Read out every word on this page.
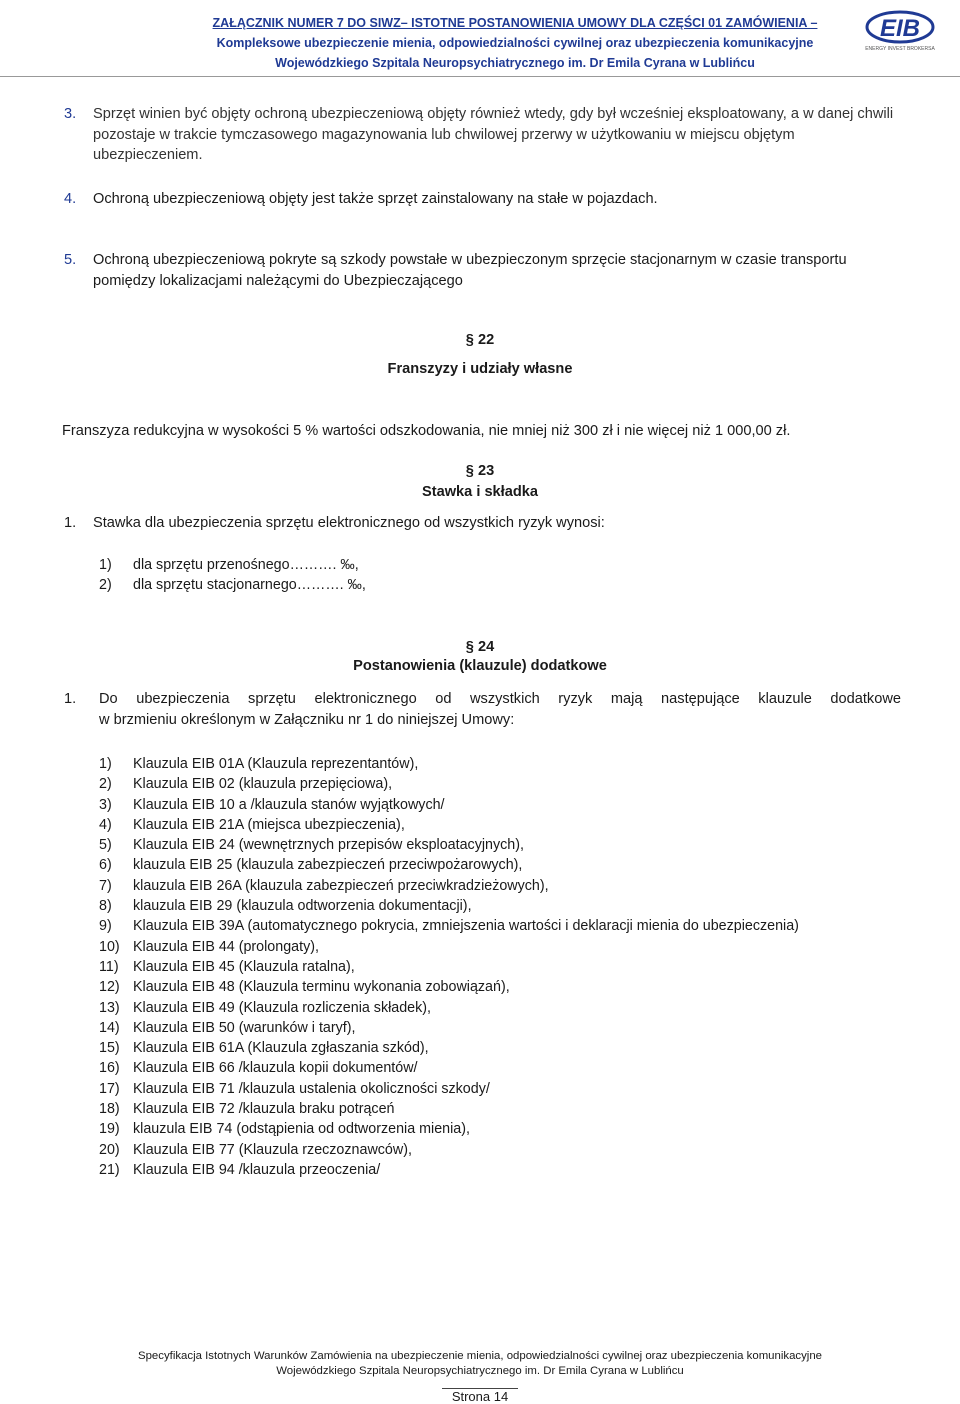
ZAŁĄCZNIK NUMER 7 DO SIWZ– ISTOTNE POSTANOWIENIA UMOWY DLA CZĘŚCI 01 ZAMÓWIENIA –
Kompleksowe ubezpieczenie mienia, odpowiedzialności cywilnej oraz ubezpieczenia komunikacyjne
Wojewódzkiego Szpitala Neuropsychiatrycznego im. Dr Emila Cyrana w Lublińcu
EIB
ENERGY INVEST BROKERSA
3. Sprzęt winien być objęty ochroną ubezpieczeniową objęty również wtedy, gdy był wcześniej eksploatowany, a w danej chwili pozostaje w trakcie tymczasowego magazynowania lub chwilowej przerwy w użytkowaniu w miejscu objętym ubezpieczeniem.
4. Ochroną ubezpieczeniową objęty jest także sprzęt zainstalowany na stałe w pojazdach.
5. Ochroną ubezpieczeniową pokryte są szkody powstałe w ubezpieczonym sprzęcie stacjonarnym w czasie transportu pomiędzy lokalizacjami należącymi do Ubezpieczającego
§ 22
Franszyzy i udziały własne
Franszyza redukcyjna w wysokości 5 % wartości odszkodowania, nie mniej niż 300 zł i nie więcej niż 1 000,00 zł.
§ 23
Stawka i składka
1. Stawka dla ubezpieczenia sprzętu elektronicznego od wszystkich ryzyk wynosi:
1)	dla sprzętu przenośnego………. ‰,
2)	dla sprzętu stacjonarnego………. ‰,
§ 24
Postanowienia (klauzule) dodatkowe
1. Do ubezpieczenia sprzętu elektronicznego od wszystkich ryzyk mają następujące klauzule dodatkowe
w brzmieniu określonym w Załączniku nr 1 do niniejszej Umowy:
1)	Klauzula EIB 01A (Klauzula reprezentantów),
2)	Klauzula EIB 02 (klauzula przepięciowa),
3)	Klauzula EIB 10 a /klauzula stanów wyjątkowych/
4)	Klauzula EIB 21A (miejsca ubezpieczenia),
5)	Klauzula EIB 24 (wewnętrznych przepisów eksploatacyjnych),
6)	klauzula EIB 25 (klauzula zabezpieczeń przeciwpożarowych),
7)	klauzula EIB 26A (klauzula zabezpieczeń przeciwkradzieżowych),
8)	klauzula EIB 29 (klauzula odtworzenia dokumentacji),
9)	Klauzula EIB 39A (automatycznego pokrycia, zmniejszenia wartości i deklaracji mienia do ubezpieczenia)
10) Klauzula EIB 44 (prolongaty),
11)	Klauzula EIB 45 (Klauzula ratalna),
12) Klauzula EIB 48 (Klauzula terminu wykonania zobowiązań),
13) Klauzula EIB 49 (Klauzula rozliczenia składek),
14) Klauzula EIB 50 (warunków i taryf),
15) Klauzula EIB 61A (Klauzula zgłaszania szkód),
16) Klauzula EIB 66 /klauzula kopii dokumentów/
17) Klauzula EIB 71 /klauzula ustalenia okoliczności szkody/
18) Klauzula EIB 72 /klauzula braku potrąceń
19) klauzula EIB 74 (odstąpienia od odtworzenia mienia),
20) Klauzula EIB 77 (Klauzula rzeczoznawców),
21) Klauzula EIB 94 /klauzula przeoczenia/
Specyfikacja Istotnych Warunków Zamówienia na ubezpieczenie mienia, odpowiedzialności cywilnej oraz ubezpieczenia komunikacyjne
Wojewódzkiego Szpitala Neuropsychiatrycznego im. Dr Emila Cyrana w Lublińcu
Strona 14
